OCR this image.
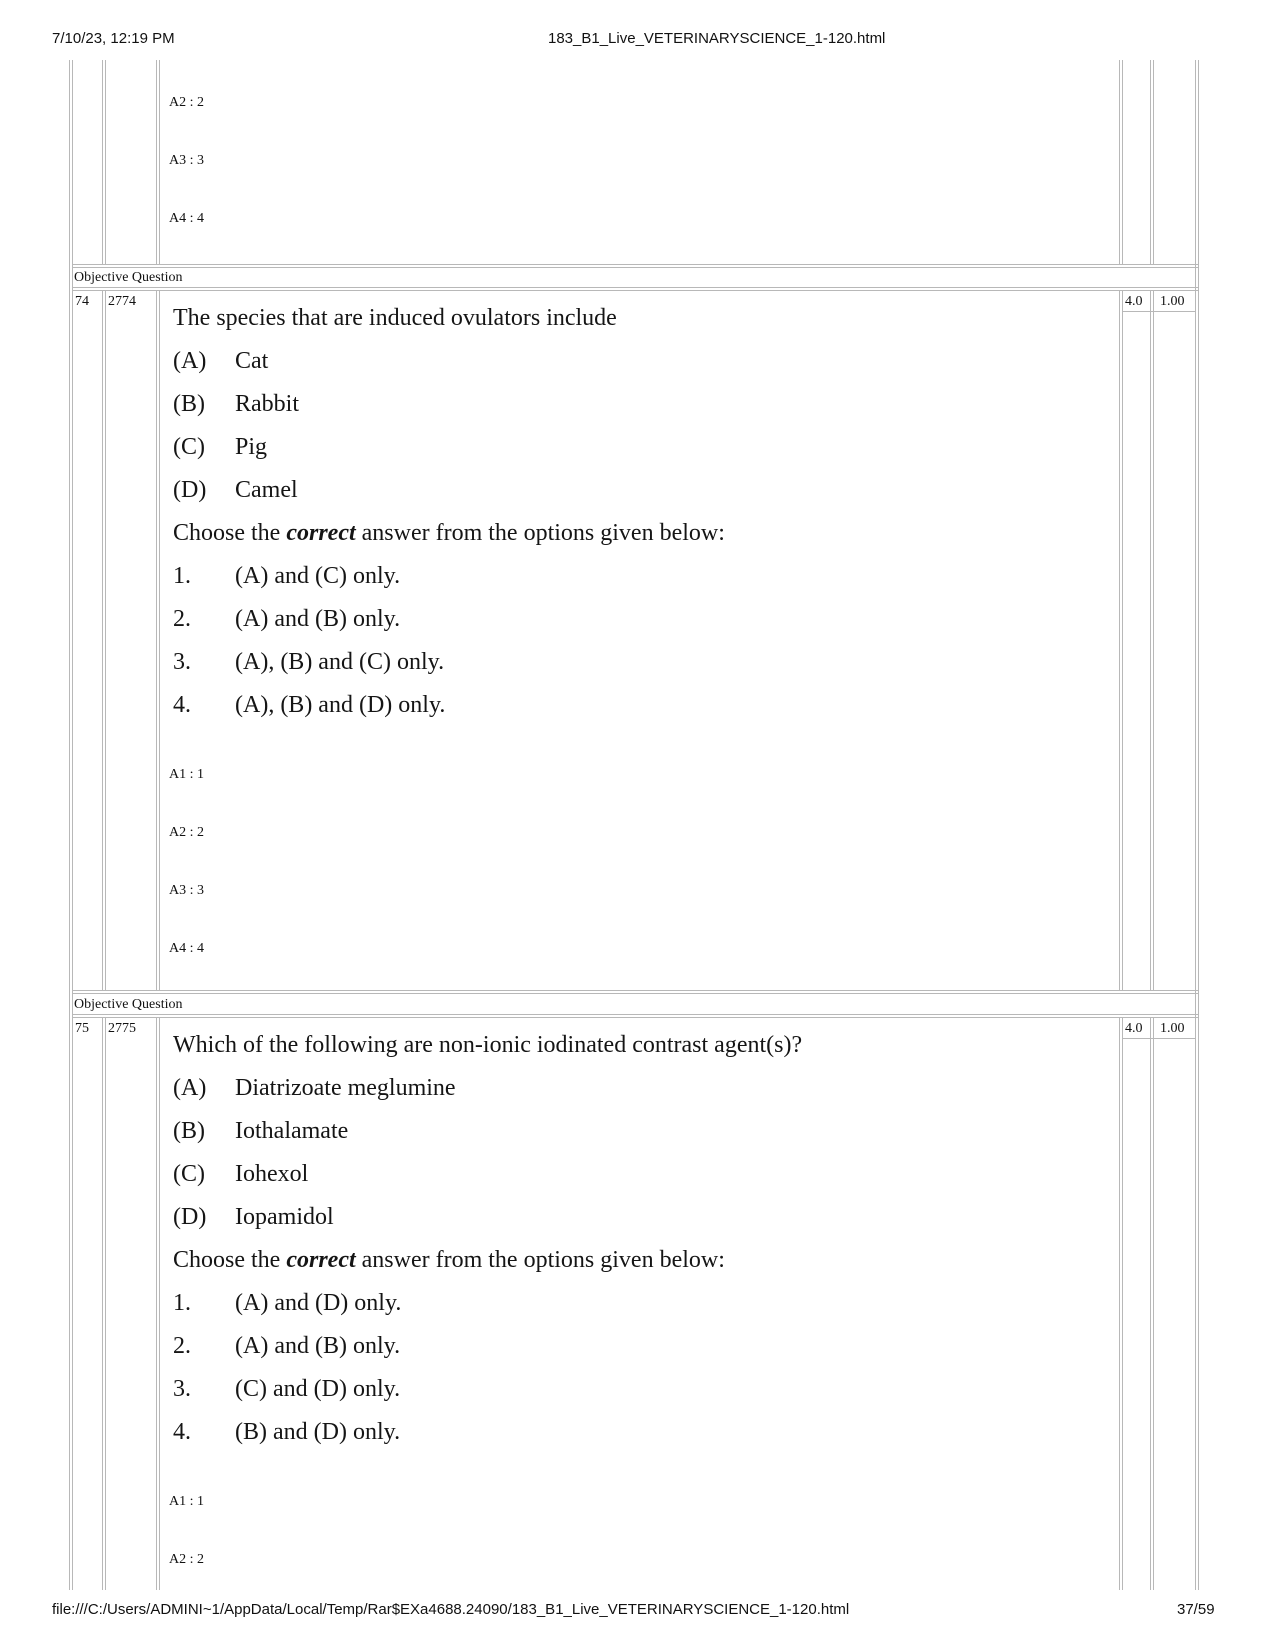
7/10/23, 12:19 PM	183_B1_Live_VETERINARYSCIENCE_1-120.html
A2 : 2
A3 : 3
A4 : 4
Objective Question
74 2774	4.0 1.00
The species that are induced ovulators include
(A) Cat
(B) Rabbit
(C) Pig
(D) Camel
Choose the correct answer from the options given below:
1. (A) and (C) only.
2. (A) and (B) only.
3. (A), (B) and (C) only.
4. (A), (B) and (D) only.
A1 : 1
A2 : 2
A3 : 3
A4 : 4
Objective Question
75 2775	4.0 1.00
Which of the following are non-ionic iodinated contrast agent(s)?
(A) Diatrizoate meglumine
(B) Iothalamate
(C) Iohexol
(D) Iopamidol
Choose the correct answer from the options given below:
1. (A) and (D) only.
2. (A) and (B) only.
3. (C) and (D) only.
4. (B) and (D) only.
A1 : 1
A2 : 2
file:///C:/Users/ADMINI~1/AppData/Local/Temp/Rar$EXa4688.24090/183_B1_Live_VETERINARYSCIENCE_1-120.html	37/59
